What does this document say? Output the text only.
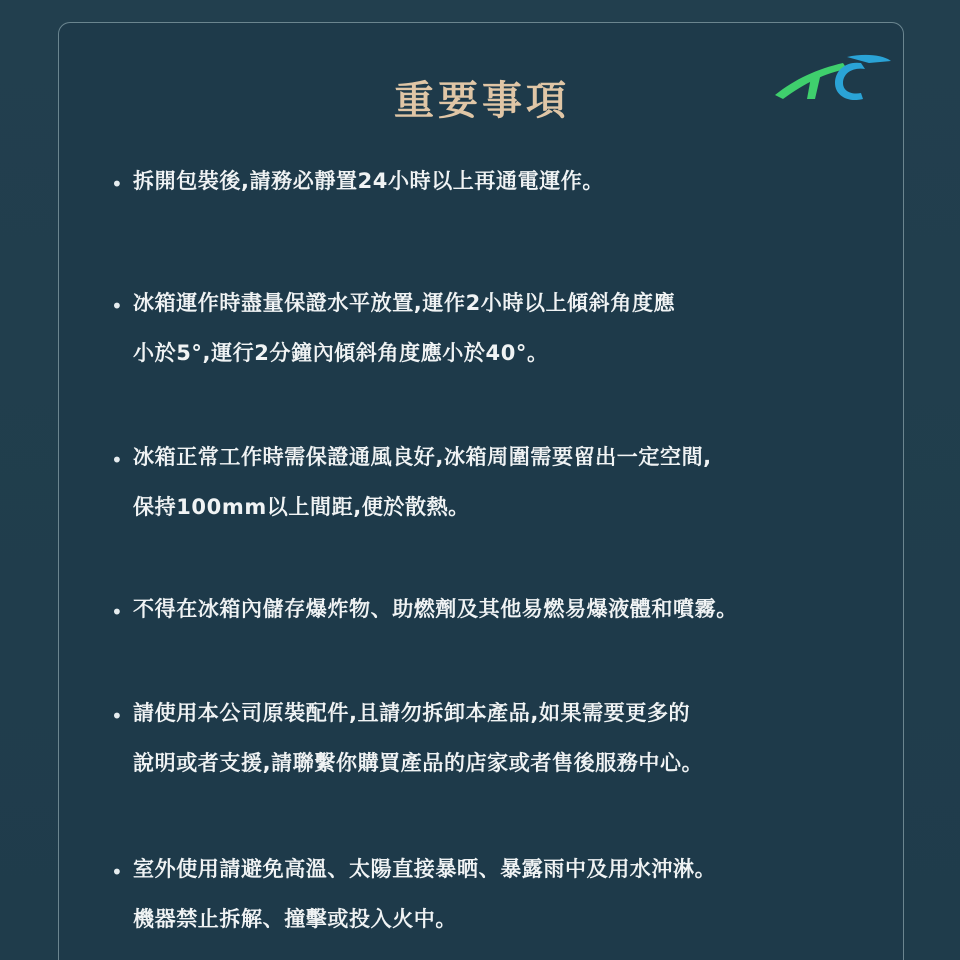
重要事項
• 拆開包裝後,請務必靜置24小時以上再通電運作。
• 冰箱運作時盡量保證水平放置,運作2小時以上傾斜角度應
小於5°,運行2分鐘內傾斜角度應小於40°。
• 冰箱正常工作時需保證通風良好,冰箱周圍需要留出一定空間,
保持100mm以上間距,便於散熱。
• 不得在冰箱內儲存爆炸物、助燃劑及其他易燃易爆液體和噴霧。
• 請使用本公司原裝配件,且請勿拆卸本產品,如果需要更多的
說明或者支援,請聯繫你購買產品的店家或者售後服務中心。
• 室外使用請避免高溫、太陽直接暴晒、暴露雨中及用水沖淋。
機器禁止拆解、撞擊或投入火中。
